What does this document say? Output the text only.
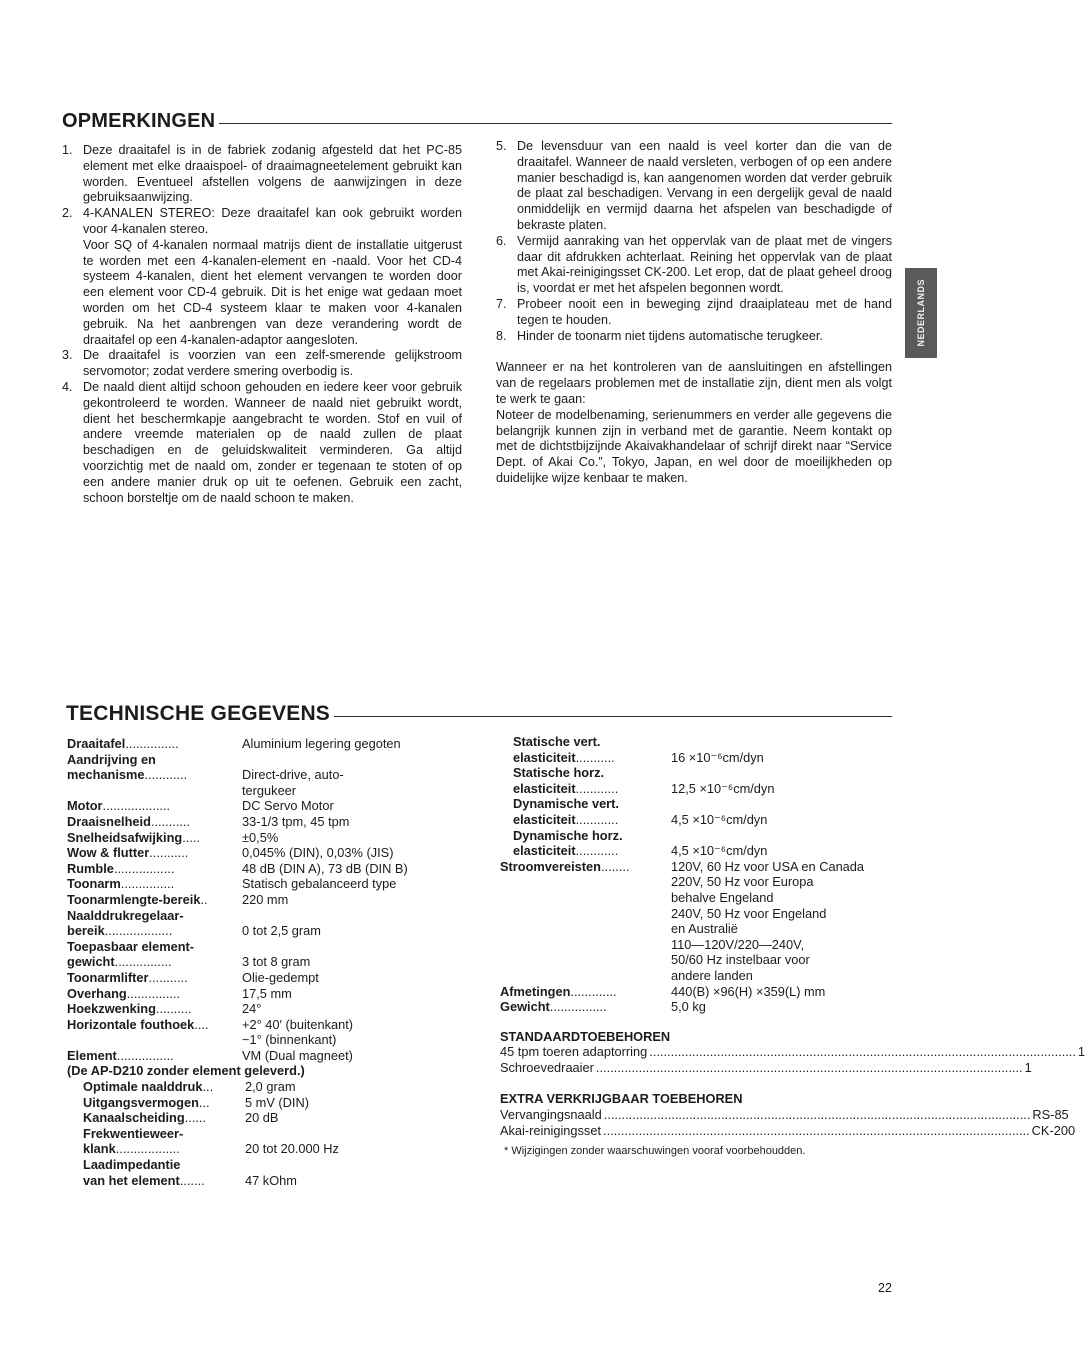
OPMERKINGEN
1. Deze draaitafel is in de fabriek zodanig afgesteld dat het PC-85 element met elke draaispoel- of draaimagneetelement gebruikt kan worden. Eventueel afstellen volgens de aanwijzingen in deze gebruiksaanwijzing.

2. 4-KANALEN STEREO: Deze draaitafel kan ook gebruikt worden voor 4-kanalen stereo.

Voor SQ of 4-kanalen normaal matrijs dient de installatie uitgerust te worden met een 4-kanalen-element en -naald. Voor het CD-4 systeem 4-kanalen, dient het element vervangen te worden door een element voor CD-4 gebruik. Dit is het enige wat gedaan moet worden om het CD-4 systeem klaar te maken voor 4-kanalen gebruik. Na het aanbrengen van deze verandering wordt de draaitafel op een 4-kanalen-adaptor aangesloten.

3. De draaitafel is voorzien van een zelf-smerende gelijkstroom servomotor; zodat verdere smering overbodig is.

4. De naald dient altijd schoon gehouden en iedere keer voor gebruik gekontroleerd te worden. Wanneer de naald niet gebruikt wordt, dient het beschermkapje aangebracht te worden. Stof en vuil of andere vreemde materialen op de naald zullen de plaat beschadigen en de geluidskwaliteit verminderen. Ga altijd voorzichtig met de naald om, zonder er tegenaan te stoten of op een andere manier druk op uit te oefenen. Gebruik een zacht, schoon borsteltje om de naald schoon te maken.

5. De levensduur van een naald is veel korter dan die van de draaitafel. Wanneer de naald versleten, verbogen of op een andere manier beschadigd is, kan aangenomen worden dat verder gebruik de plaat zal beschadigen. Vervang in een dergelijk geval de naald onmiddelijk en vermijd daarna het afspelen van beschadigde of bekraste platen.

6. Vermijd aanraking van het oppervlak van de plaat met de vingers daar dit afdrukken achterlaat. Reining het oppervlak van de plaat met Akai-reinigingsset CK-200. Let erop, dat de plaat geheel droog is, voordat er met het afspelen begonnen wordt.

7. Probeer nooit een in beweging zijnd draaiplateau met de hand tegen te houden.

8. Hinder de toonarm niet tijdens automatische terugkeer.

Wanneer er na het kontroleren van de aansluitingen en afstellingen van de regelaars problemen met de installatie zijn, dient men als volgt te werk te gaan:

Noteer de modelbenaming, serienummers en verder alle gegevens die belangrijk kunnen zijn in verband met de garantie. Neem kontakt op met de dichtstbijzijnde Akaivakhandelaar of schrijf direkt naar “Service Dept. of Akai Co.”, Tokyo, Japan, en wel door de moeilijkheden op duidelijke wijze kenbaar te maken.

NEDERLANDS
TECHNISCHE GEGEVENS
Draaitafel ...............	Aluminium legering gegoten
Aandrijving en
mechanisme ............	Direct-drive, auto-
tergukeer
Motor ...................	DC Servo Motor
Draaisnelheid ...........	33-1/3 tpm, 45 tpm
Snelheidsafwijking .....	±0,5%
Wow & flutter ...........	0,045% (DIN), 0,03% (JIS)
Rumble .................	48 dB (DIN A), 73 dB (DIN B)
Toonarm ...............	Statisch gebalanceerd type
Toonarmlengte-bereik ..	220 mm
Naalddrukregelaar-
bereik ...................	0 tot 2,5 gram
Toepasbaar element-
gewicht ................	3 tot 8 gram
Toonarmlifter ...........	Olie-gedempt
Overhang ...............	17,5 mm
Hoekzwenking ..........	24°
Horizontale fouthoek ....	+2° 40′ (buitenkant)
−1° (binnenkant)
Element ................	VM (Dual magneet)
(De AP-D210 zonder element geleverd.)
Optimale naalddruk ... 2,0 gram
Uitgangsvermogen ...	5 mV (DIN)
Kanaalscheiding ......	20 dB
Frekwentieweer-
klank ..................	20 tot 20.000 Hz
Laadimpedantie
van het element .......	47 kOhm
Statische vert.
elasticiteit ...........	16 ×10⁻⁶cm/dyn
Statische horz.
elasticiteit ............	12,5 ×10⁻⁶cm/dyn
Dynamische vert.
elasticiteit ............	4,5 ×10⁻⁶cm/dyn
Dynamische horz.
elasticiteit ............	4,5 ×10⁻⁶cm/dyn
Stroomvereisten ........	120V, 60 Hz voor USA en Canada
220V, 50 Hz voor Europa
behalve Engeland
240V, 50 Hz voor Engeland
en Australië
110—120V/220—240V,
50/60 Hz instelbaar voor
andere landen
Afmetingen .............	440(B) ×96(H) ×359(L) mm
Gewicht ................	5,0 kg

STANDAARDTOEBEHOREN

45 tpm toeren adaptorring ........................................................................................................................ 1
Schroevedraaier ........................................................................................................................ 1

EXTRA VERKRIJGBAAR TOEBEHOREN

Vervangingsnaald ........................................................................................................................ RS-85
Akai-reinigingsset ........................................................................................................................ CK-200
* Wijzigingen zonder waarschuwingen vooraf voorbehoudden.
22
